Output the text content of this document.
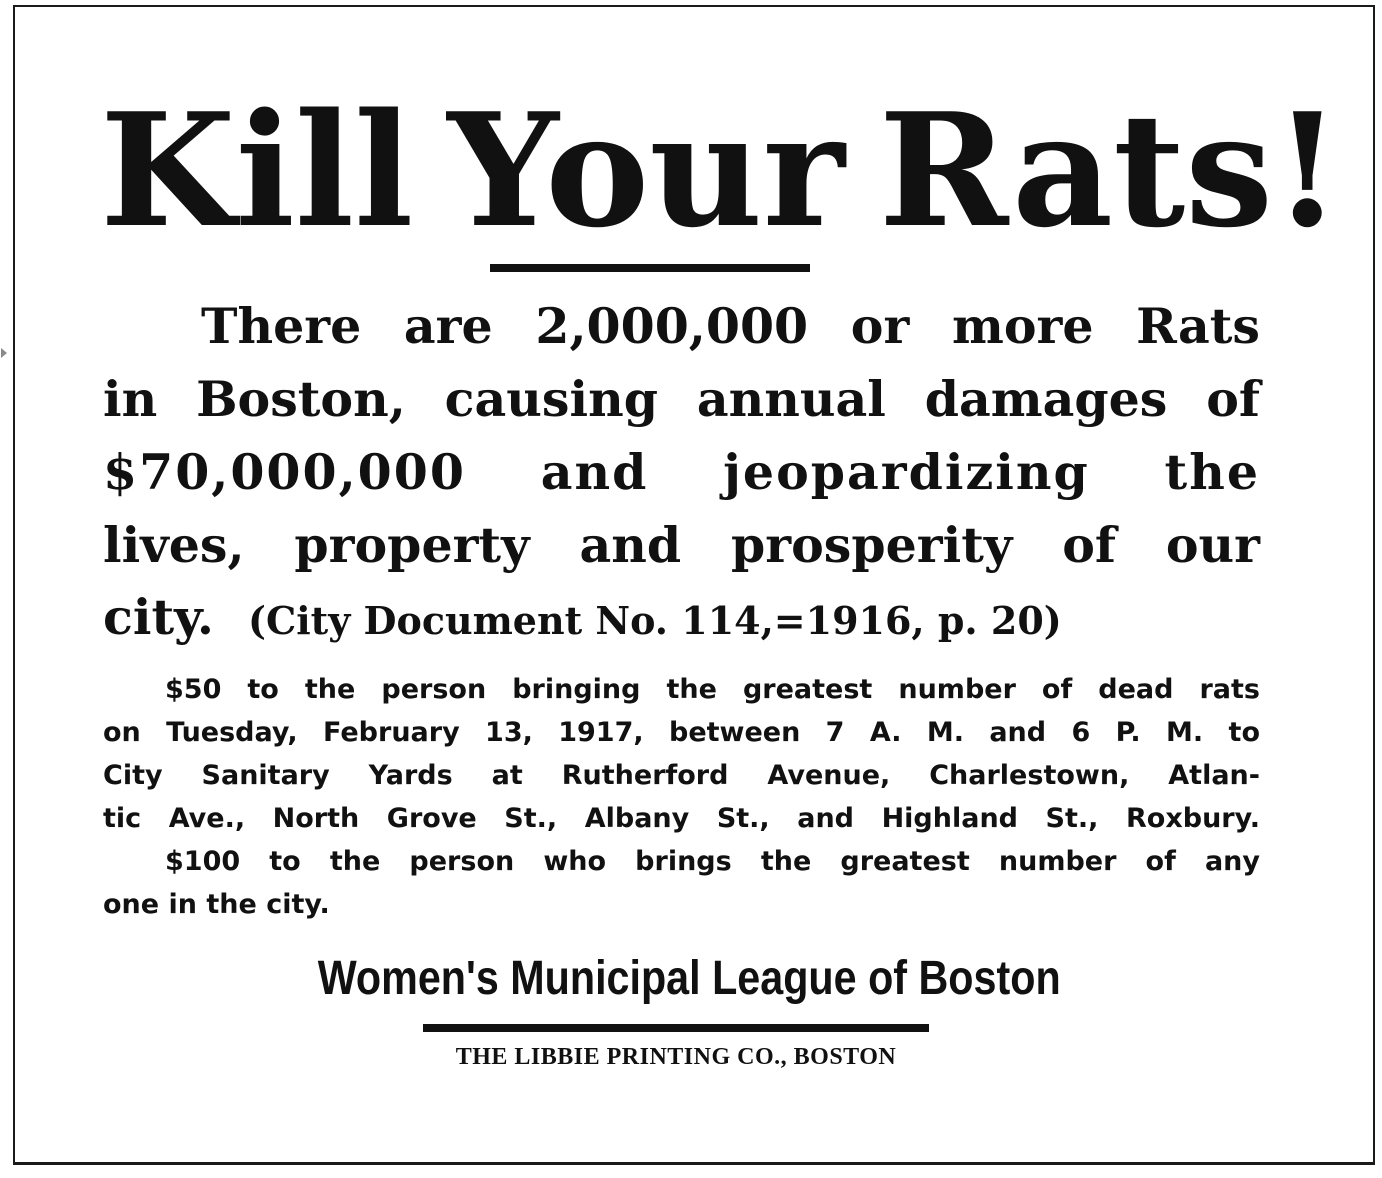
Kill Your Rats!
There are 2,000,000 or more Rats
in Boston, causing annual damages of
$70,000,000 and jeopardizing the
lives, property and prosperity of our
city. (City Document No. 114,=1916, p. 20)
$50 to the person bringing the greatest number of dead rats
on Tuesday, February 13, 1917, between 7 A. M. and 6 P. M. to
City Sanitary Yards at Rutherford Avenue, Charlestown, Atlan-
tic Ave., North Grove St., Albany St., and Highland St., Roxbury.
$100 to the person who brings the greatest number of any
one in the city.
Women's Municipal League of Boston
THE LIBBIE PRINTING CO., BOSTON
